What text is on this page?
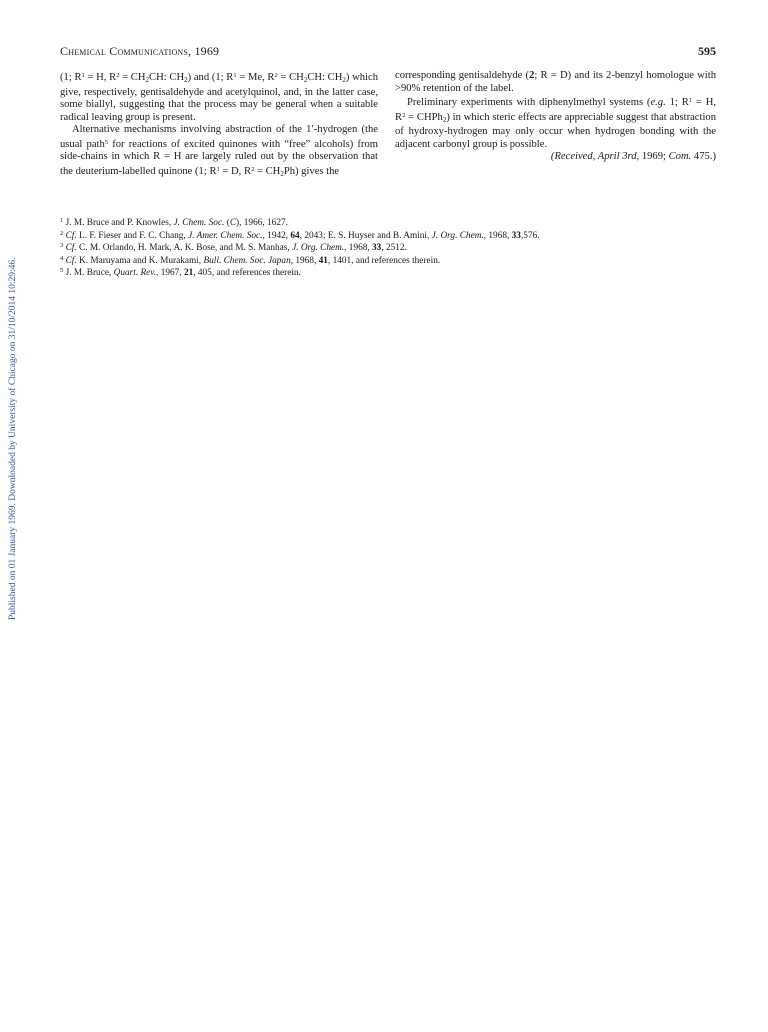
Published on 01 January 1969. Downloaded by University of Chicago on 31/10/2014 10:29:46.
Chemical Communications, 1969	595

(1; $R^1 = H$, $R^2 = CH_2CH$: $CH_2$) and (1; $R^1 = Me$, $R^2 = CH_2CH$: $CH_2$) which give, respectively, gentisaldehyde and acetylquinol, and, in the latter case, some biallyl, suggesting that the process may be general when a suitable radical leaving group is present.

Alternative mechanisms involving abstraction of the 1′-hydrogen (the usual path$^5$ for reactions of excited quinones with “free” alcohols) from side-chains in which R = H are largely ruled out by the observation that the deuterium-labelled quinone (1; $R^1 = D$, $R^2 = CH_2Ph$) gives the

corresponding gentisaldehyde (2; R = D) and its 2-benzyl homologue with >90% retention of the label.

Preliminary experiments with diphenylmethyl systems (e.g. 1; $R^1 = H$, $R^2$ = CHPh$_2$) in which steric effects are appreciable suggest that abstraction of hydroxy-hydrogen may only occur when hydrogen bonding with the adjacent carbonyl group is possible.

(Received, April 3rd, 1969; Com. 475.)

$^1$ J. M. Bruce and P. Knowles, J. Chem. Soc. (C), 1966, 1627.

$^2$ Cf. L. F. Fieser and F. C. Chang, J. Amer. Chem. Soc., 1942, 64, 2043; E. S. Huyser and B. Amini, J. Org. Chem., 1968, 33,576.

$^3$ Cf. C. M. Orlando, H. Mark, A. K. Bose, and M. S. Manhas, J. Org. Chem., 1968, 33, 2512.

$^4$ Cf. K. Maruyama and K. Murakami, Bull. Chem. Soc. Japan, 1968, 41, 1401, and references therein.

$^5$ J. M. Bruce, Quart. Rev., 1967, 21, 405, and references therein.
